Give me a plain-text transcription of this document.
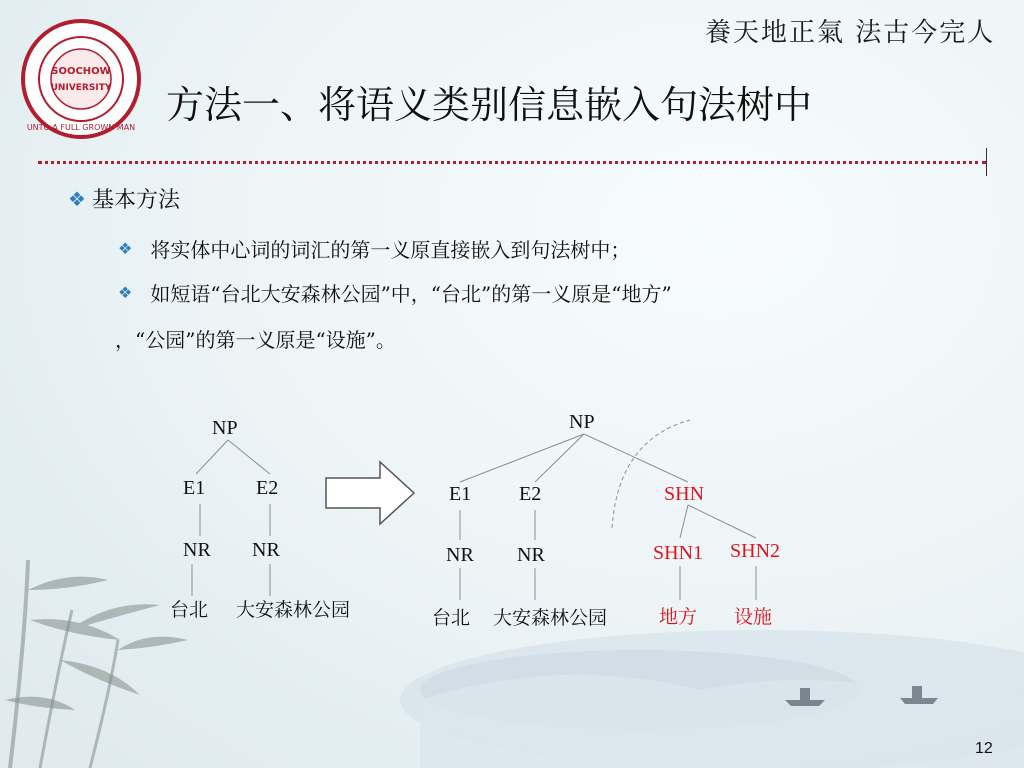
SOOCHOW
UNIVERSITY
UNTO A FULL GROWN MAN
養天地正氣 法古今完人
方法一、将语义类别信息嵌入句法树中
❖ 基本方法
❖ 将实体中心词的词汇的第一义原直接嵌入到句法树中；
❖ 如短语“台北大安森林公园”中，“台北”的第一义原是“地方”
，“公园”的第一义原是“设施”。
NP
E1	E2
NR NR
台北 大安森林公园
NP
E1 E2	SHN
NR NR	SHN1 SHN2
台北 大安森林公园	地方 设施
12
